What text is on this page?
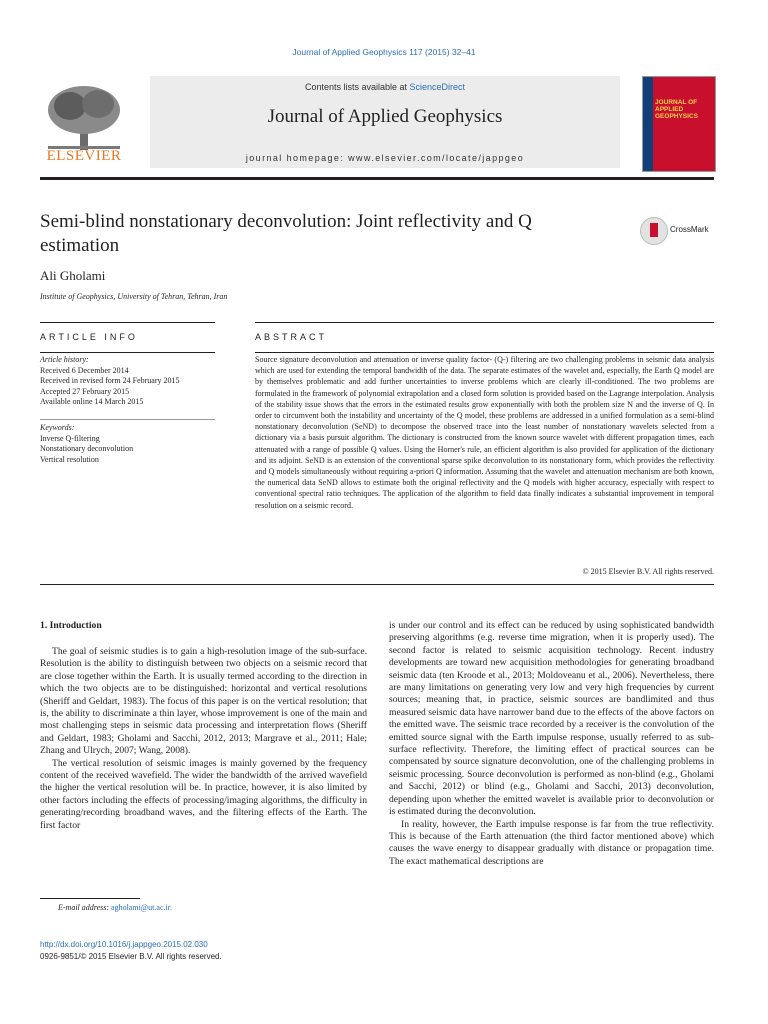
Journal of Applied Geophysics 117 (2015) 32–41
ELSEVIER
Contents lists available at ScienceDirect
Journal of Applied Geophysics
journal homepage: www.elsevier.com/locate/jappgeo
JOURNAL OF APPLIED GEOPHYSICS
Semi-blind nonstationary deconvolution: Joint reflectivity and Q estimation
CrossMark
Ali Gholami
Institute of Geophysics, University of Tehran, Tehran, Iran
ARTICLE INFO
Article history:
Received 6 December 2014
Received in revised form 24 February 2015
Accepted 27 February 2015
Available online 14 March 2015
Keywords:
Inverse Q-filtering
Nonstationary deconvolution
Vertical resolution
ABSTRACT
Source signature deconvolution and attenuation or inverse quality factor- (Q-) filtering are two challenging problems in seismic data analysis which are used for extending the temporal bandwidth of the data. The separate estimates of the wavelet and, especially, the Earth Q model are by themselves problematic and add further uncertainties to inverse problems which are clearly ill-conditioned. The two problems are formulated in the framework of polynomial extrapolation and a closed form solution is provided based on the Lagrange interpolation. Analysis of the stability issue shows that the errors in the estimated results grow exponentially with both the problem size N and the inverse of Q. In order to circumvent both the instability and uncertainty of the Q model, these problems are addressed in a unified formulation as a semi-blind nonstationary deconvolution (SeND) to decompose the observed trace into the least number of nonstationary wavelets selected from a dictionary via a basis pursuit algorithm. The dictionary is constructed from the known source wavelet with different propagation times, each attenuated with a range of possible Q values. Using the Horner's rule, an efficient algorithm is also provided for application of the dictionary and its adjoint. SeND is an extension of the conventional sparse spike deconvolution to its nonstationary form, which provides the reflectivity and Q models simultaneously without requiring a-priori Q information. Assuming that the wavelet and attenuation mechanism are both known, the numerical data SeND allows to estimate both the original reflectivity and the Q models with higher accuracy, especially with respect to conventional spectral ratio techniques. The application of the algorithm to field data finally indicates a substantial improvement in temporal resolution on a seismic record.
© 2015 Elsevier B.V. All rights reserved.
1. Introduction

The goal of seismic studies is to gain a high-resolution image of the sub-surface. Resolution is the ability to distinguish between two objects on a seismic record that are close together within the Earth. It is usually termed according to the direction in which the two objects are to be distinguished: horizontal and vertical resolutions (Sheriff and Geldart, 1983). The focus of this paper is on the vertical resolution; that is, the ability to discriminate a thin layer, whose improvement is one of the main and most challenging steps in seismic data processing and interpretation flows (Sheriff and Geldart, 1983; Gholami and Sacchi, 2012, 2013; Margrave et al., 2011; Hale; Zhang and Ulrych, 2007; Wang, 2008).

The vertical resolution of seismic images is mainly governed by the frequency content of the received wavefield. The wider the bandwidth of the arrived wavefield the higher the vertical resolution will be. In practice, however, it is also limited by other factors including the effects of processing/imaging algorithms, the difficulty in generating/recording broadband waves, and the filtering effects of the Earth. The first factor

is under our control and its effect can be reduced by using sophisticated bandwidth preserving algorithms (e.g. reverse time migration, when it is properly used). The second factor is related to seismic acquisition technology. Recent industry developments are toward new acquisition methodologies for generating broadband seismic data (ten Kroode et al., 2013; Moldoveanu et al., 2006). Nevertheless, there are many limitations on generating very low and very high frequencies by current sources; meaning that, in practice, seismic sources are bandlimited and thus measured seismic data have narrower band due to the effects of the above factors on the emitted wave. The seismic trace recorded by a receiver is the convolution of the emitted source signal with the Earth impulse response, usually referred to as sub-surface reflectivity. Therefore, the limiting effect of practical sources can be compensated by source signature deconvolution, one of the challenging problems in seismic processing. Source deconvolution is performed as non-blind (e.g., Gholami and Sacchi, 2012) or blind (e.g., Gholami and Sacchi, 2013) deconvolution, depending upon whether the emitted wavelet is available prior to deconvolution or is estimated during the deconvolution.

In reality, however, the Earth impulse response is far from the true reflectivity. This is because of the Earth attenuation (the third factor mentioned above) which causes the wave energy to disappear gradually with distance or propagation time. The exact mathematical descriptions are

E-mail address: agholami@ut.ac.ir.
http://dx.doi.org/10.1016/j.jappgeo.2015.02.030
0926-9851/© 2015 Elsevier B.V. All rights reserved.
